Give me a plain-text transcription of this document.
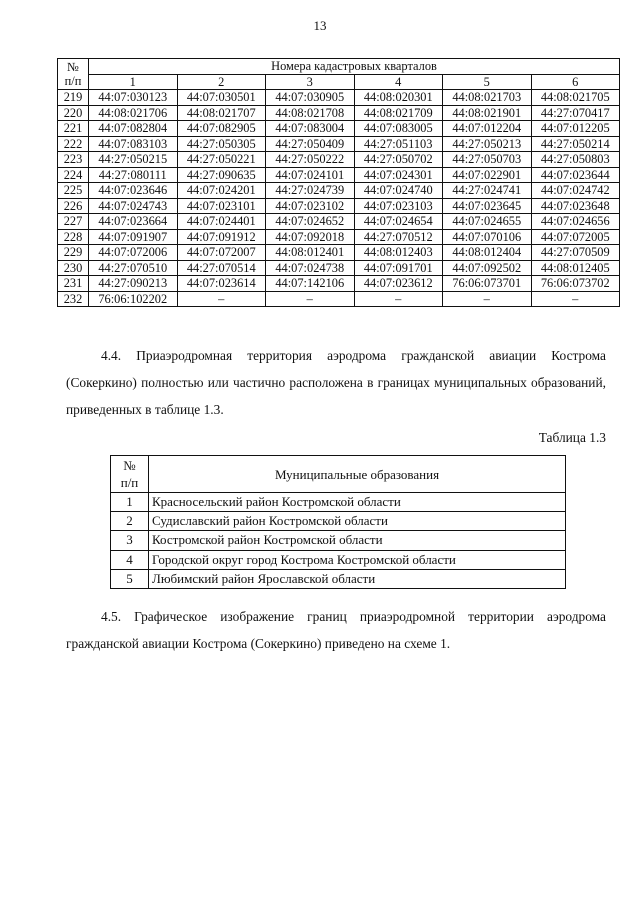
13
№
п/п	Номера кадастровых кварталов					
	1	2	3	4	5	6
219	44:07:030123	44:07:030501	44:07:030905	44:08:020301	44:08:021703	44:08:021705
220	44:08:021706	44:08:021707	44:08:021708	44:08:021709	44:08:021901	44:27:070417
221	44:07:082804	44:07:082905	44:07:083004	44:07:083005	44:07:012204	44:07:012205
222	44:07:083103	44:27:050305	44:27:050409	44:27:051103	44:27:050213	44:27:050214
223	44:27:050215	44:27:050221	44:27:050222	44:27:050702	44:27:050703	44:27:050803
224	44:27:080111	44:27:090635	44:07:024101	44:07:024301	44:07:022901	44:07:023644
225	44:07:023646	44:07:024201	44:27:024739	44:07:024740	44:27:024741	44:07:024742
226	44:07:024743	44:07:023101	44:07:023102	44:07:023103	44:07:023645	44:07:023648
227	44:07:023664	44:07:024401	44:07:024652	44:07:024654	44:07:024655	44:07:024656
228	44:07:091907	44:07:091912	44:07:092018	44:27:070512	44:07:070106	44:07:072005
229	44:07:072006	44:07:072007	44:08:012401	44:08:012403	44:08:012404	44:27:070509
230	44:27:070510	44:27:070514	44:07:024738	44:07:091701	44:07:092502	44:08:012405
231	44:27:090213	44:07:023614	44:07:142106	44:07:023612	76:06:073701	76:06:073702
232	76:06:102202	–	–	–	–	–
4.4. Приаэродромная территория аэродрома гражданской авиации Кострома (Сокеркино) полностью или частично расположена в границах муниципальных образований, приведенных в таблице 1.3.
Таблица 1.3
№
п/п	Муниципальные образования
1	Красносельский район Костромской области
2	Судиславский район Костромской области
3	Костромской район Костромской области
4	Городской округ город Кострома Костромской области
5	Любимский район Ярославской области
4.5. Графическое изображение границ приаэродромной территории аэродрома гражданской авиации Кострома (Сокеркино) приведено на схеме 1.
